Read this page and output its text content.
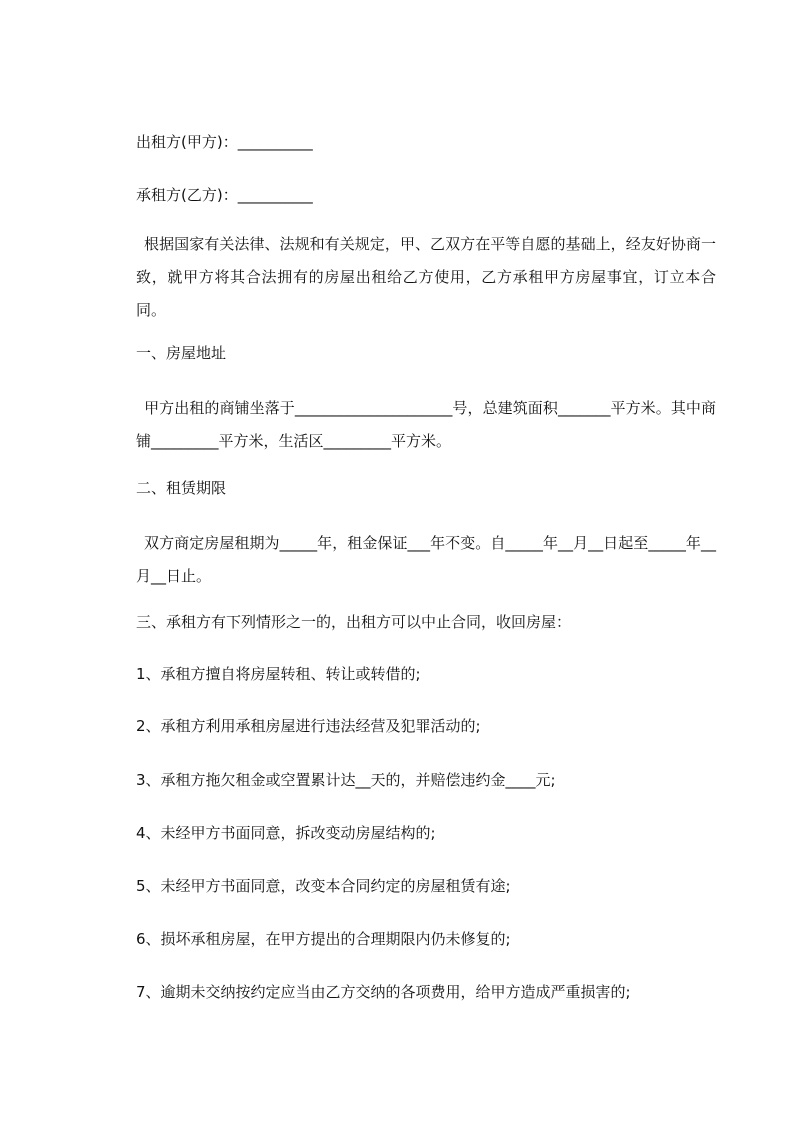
出租方(甲方)：__________
承租方(乙方)：__________
根据国家有关法律、法规和有关规定，甲、乙双方在平等自愿的基础上，经友好协商一致，就甲方将其合法拥有的房屋出租给乙方使用，乙方承租甲方房屋事宜，订立本合同。
一、房屋地址
甲方出租的商铺坐落于_____________________号，总建筑面积_______平方米。其中商铺_________平方米，生活区_________平方米。
二、租赁期限
双方商定房屋租期为_____年，租金保证___年不变。自_____年__月__日起至_____年__月__日止。
三、承租方有下列情形之一的，出租方可以中止合同，收回房屋：
1、承租方擅自将房屋转租、转让或转借的;
2、承租方利用承租房屋进行违法经营及犯罪活动的;
3、承租方拖欠租金或空置累计达__天的，并赔偿违约金____元;
4、未经甲方书面同意，拆改变动房屋结构的;
5、未经甲方书面同意，改变本合同约定的房屋租赁有途;
6、损坏承租房屋，在甲方提出的合理期限内仍未修复的;
7、逾期未交纳按约定应当由乙方交纳的各项费用，给甲方造成严重损害的;
